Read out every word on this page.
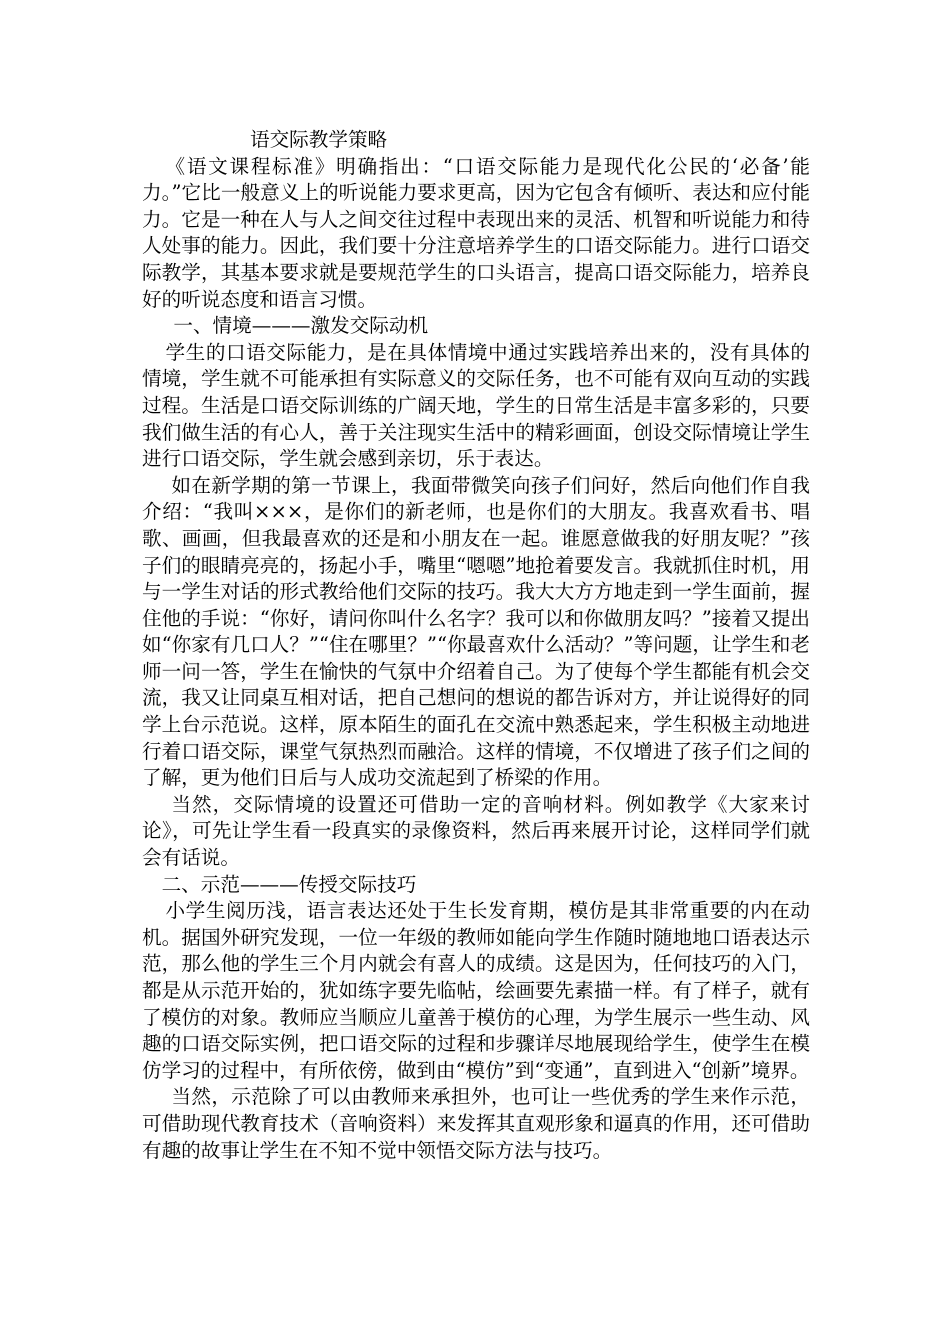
语交际教学策略

《语文课程标准》明确指出：“口语交际能力是现代化公民的‘必备’能力。”它比一般意义上的听说能力要求更高，因为它包含有倾听、表达和应付能力。它是一种在人与人之间交往过程中表现出来的灵活、机智和听说能力和待人处事的能力。因此，我们要十分注意培养学生的口语交际能力。进行口语交际教学，其基本要求就是要规范学生的口头语言，提高口语交际能力，培养良好的听说态度和语言习惯。

一、情境———激发交际动机

学生的口语交际能力，是在具体情境中通过实践培养出来的，没有具体的情境，学生就不可能承担有实际意义的交际任务，也不可能有双向互动的实践过程。生活是口语交际训练的广阔天地，学生的日常生活是丰富多彩的，只要我们做生活的有心人，善于关注现实生活中的精彩画面，创设交际情境让学生进行口语交际，学生就会感到亲切，乐于表达。

如在新学期的第一节课上，我面带微笑向孩子们问好，然后向他们作自我介绍：“我叫×××，是你们的新老师，也是你们的大朋友。我喜欢看书、唱歌、画画，但我最喜欢的还是和小朋友在一起。谁愿意做我的好朋友呢？”孩子们的眼睛亮亮的，扬起小手，嘴里“嗯嗯”地抢着要发言。我就抓住时机，用与一学生对话的形式教给他们交际的技巧。我大大方方地走到一学生面前，握住他的手说：“你好，请问你叫什么名字？我可以和你做朋友吗？”接着又提出如“你家有几口人？”“住在哪里？”“你最喜欢什么活动？”等问题，让学生和老师一问一答，学生在愉快的气氛中介绍着自己。为了使每个学生都能有机会交流，我又让同桌互相对话，把自己想问的想说的都告诉对方，并让说得好的同学上台示范说。这样，原本陌生的面孔在交流中熟悉起来，学生积极主动地进行着口语交际，课堂气氛热烈而融洽。这样的情境，不仅增进了孩子们之间的了解，更为他们日后与人成功交流起到了桥梁的作用。

当然，交际情境的设置还可借助一定的音响材料。例如教学《大家来讨论》，可先让学生看一段真实的录像资料，然后再来展开讨论，这样同学们就会有话说。

二、示范———传授交际技巧

小学生阅历浅，语言表达还处于生长发育期，模仿是其非常重要的内在动机。据国外研究发现，一位一年级的教师如能向学生作随时随地地口语表达示范，那么他的学生三个月内就会有喜人的成绩。这是因为，任何技巧的入门，都是从示范开始的，犹如练字要先临帖，绘画要先素描一样。有了样子，就有了模仿的对象。教师应当顺应儿童善于模仿的心理，为学生展示一些生动、风趣的口语交际实例，把口语交际的过程和步骤详尽地展现给学生，使学生在模仿学习的过程中，有所依傍，做到由“模仿”到“变通”，直到进入“创新”境界。

当然，示范除了可以由教师来承担外，也可让一些优秀的学生来作示范，可借助现代教育技术（音响资料）来发挥其直观形象和逼真的作用，还可借助有趣的故事让学生在不知不觉中领悟交际方法与技巧。
